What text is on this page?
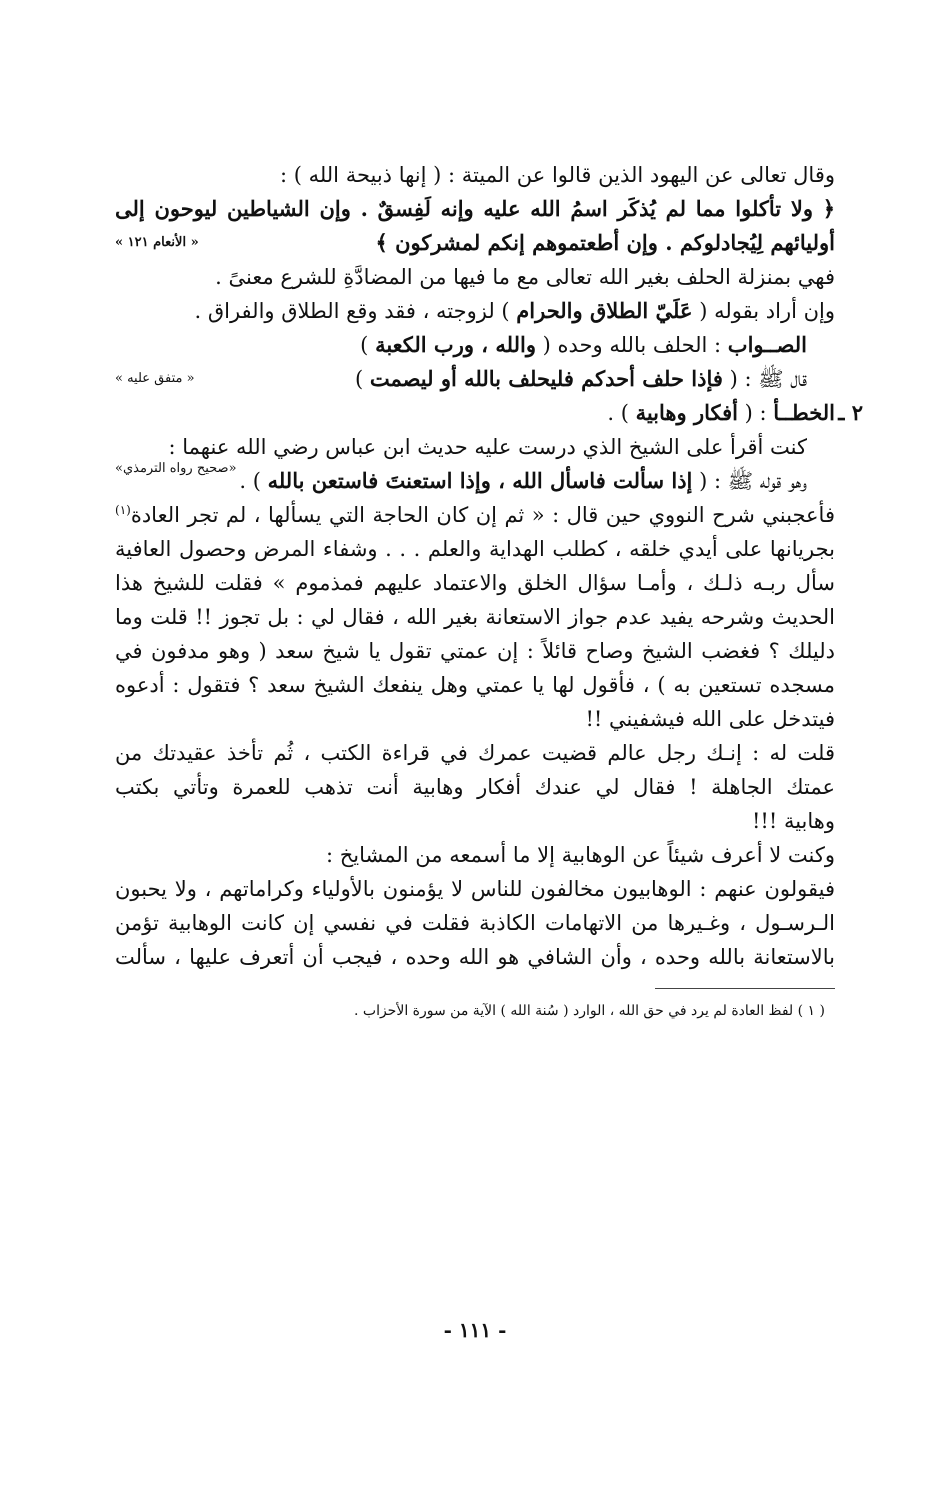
وقال تعالى عن اليهود الذين قالوا عن الميتة : ( إنها ذبيحة الله ) :
﴿ ولا تأكلوا مما لم يُذكَر اسمُ الله عليه وإنه لَفِسقٌ . وإن الشياطين ليوحون إلى
أوليائهم لِيُجادلوكم . وإن أطعتموهم إنكم لمشركون ﴾
« الأنعام ١٢١ »
فهي بمنزلة الحلف بغير الله تعالى مع ما فيها من المضادَّةِ للشرع معنىً .
وإن أراد بقوله ( عَلَيّ الطلاق والحرام ) لزوجته ، فقد وقع الطلاق والفراق .
الصــواب : الحلف بالله وحده ( والله ، ورب الكعبة )
قال ﷺ : ( فإذا حلف أحدكم فليحلف بالله أو ليصمت )
« متفق عليه »
٢ ـ
الخطــأ : ( أفكار وهابية ) .
كنت أقرأ على الشيخ الذي درست عليه حديث ابن عباس رضي الله عنهما :
وهو قوله ﷺ : ( إذا سألت فاسأل الله ، وإذا استعنتَ فاستعن بالله ) .
«صحيح رواه الترمذي»
فأعجبني شرح النووي حين قال : « ثم إن كان الحاجة التي يسألها ، لم تجر العادة$^{(١)}$
بجريانها على أيدي خلقه ، كطلب الهداية والعلم . . . وشفاء المرض وحصول العافية
سأل ربـه ذلـك ، وأمـا سؤال الخلق والاعتماد عليهم فمذموم » فقلت للشيخ هذا
الحديث وشرحه يفيد عدم جواز الاستعانة بغير الله ، فقال لي : بل تجوز !! قلت وما
دليلك ؟ فغضب الشيخ وصاح قائلاً : إن عمتي تقول يا شيخ سعد ( وهو مدفون في
مسجده تستعين به ) ، فأقول لها يا عمتي وهل ينفعك الشيخ سعد ؟ فتقول : أدعوه
فيتدخل على الله فيشفيني !!
قلت له : إنـك رجل عالم قضيت عمرك في قراءة الكتب ، ثُم تأخذ عقيدتك من
عمتك الجاهلة ! فقال لي عندك أفكار وهابية أنت تذهب للعمرة وتأتي بكتب
وهابية !!!
وكنت لا أعرف شيئاً عن الوهابية إلا ما أسمعه من المشايخ :
فيقولون عنهم : الوهابيون مخالفون للناس لا يؤمنون بالأولياء وكراماتهم ، ولا يحبون
الـرسـول ، وغـيرها من الاتهامات الكاذبة فقلت في نفسي إن كانت الوهابية تؤمن
بالاستعانة بالله وحده ، وأن الشافي هو الله وحده ، فيجب أن أتعرف عليها ، سألت
( ١ ) لفظ العادة لم يرد في حق الله ، الوارد ( سُنة الله ) الآية من سورة الأحزاب .
- ١١١ -
